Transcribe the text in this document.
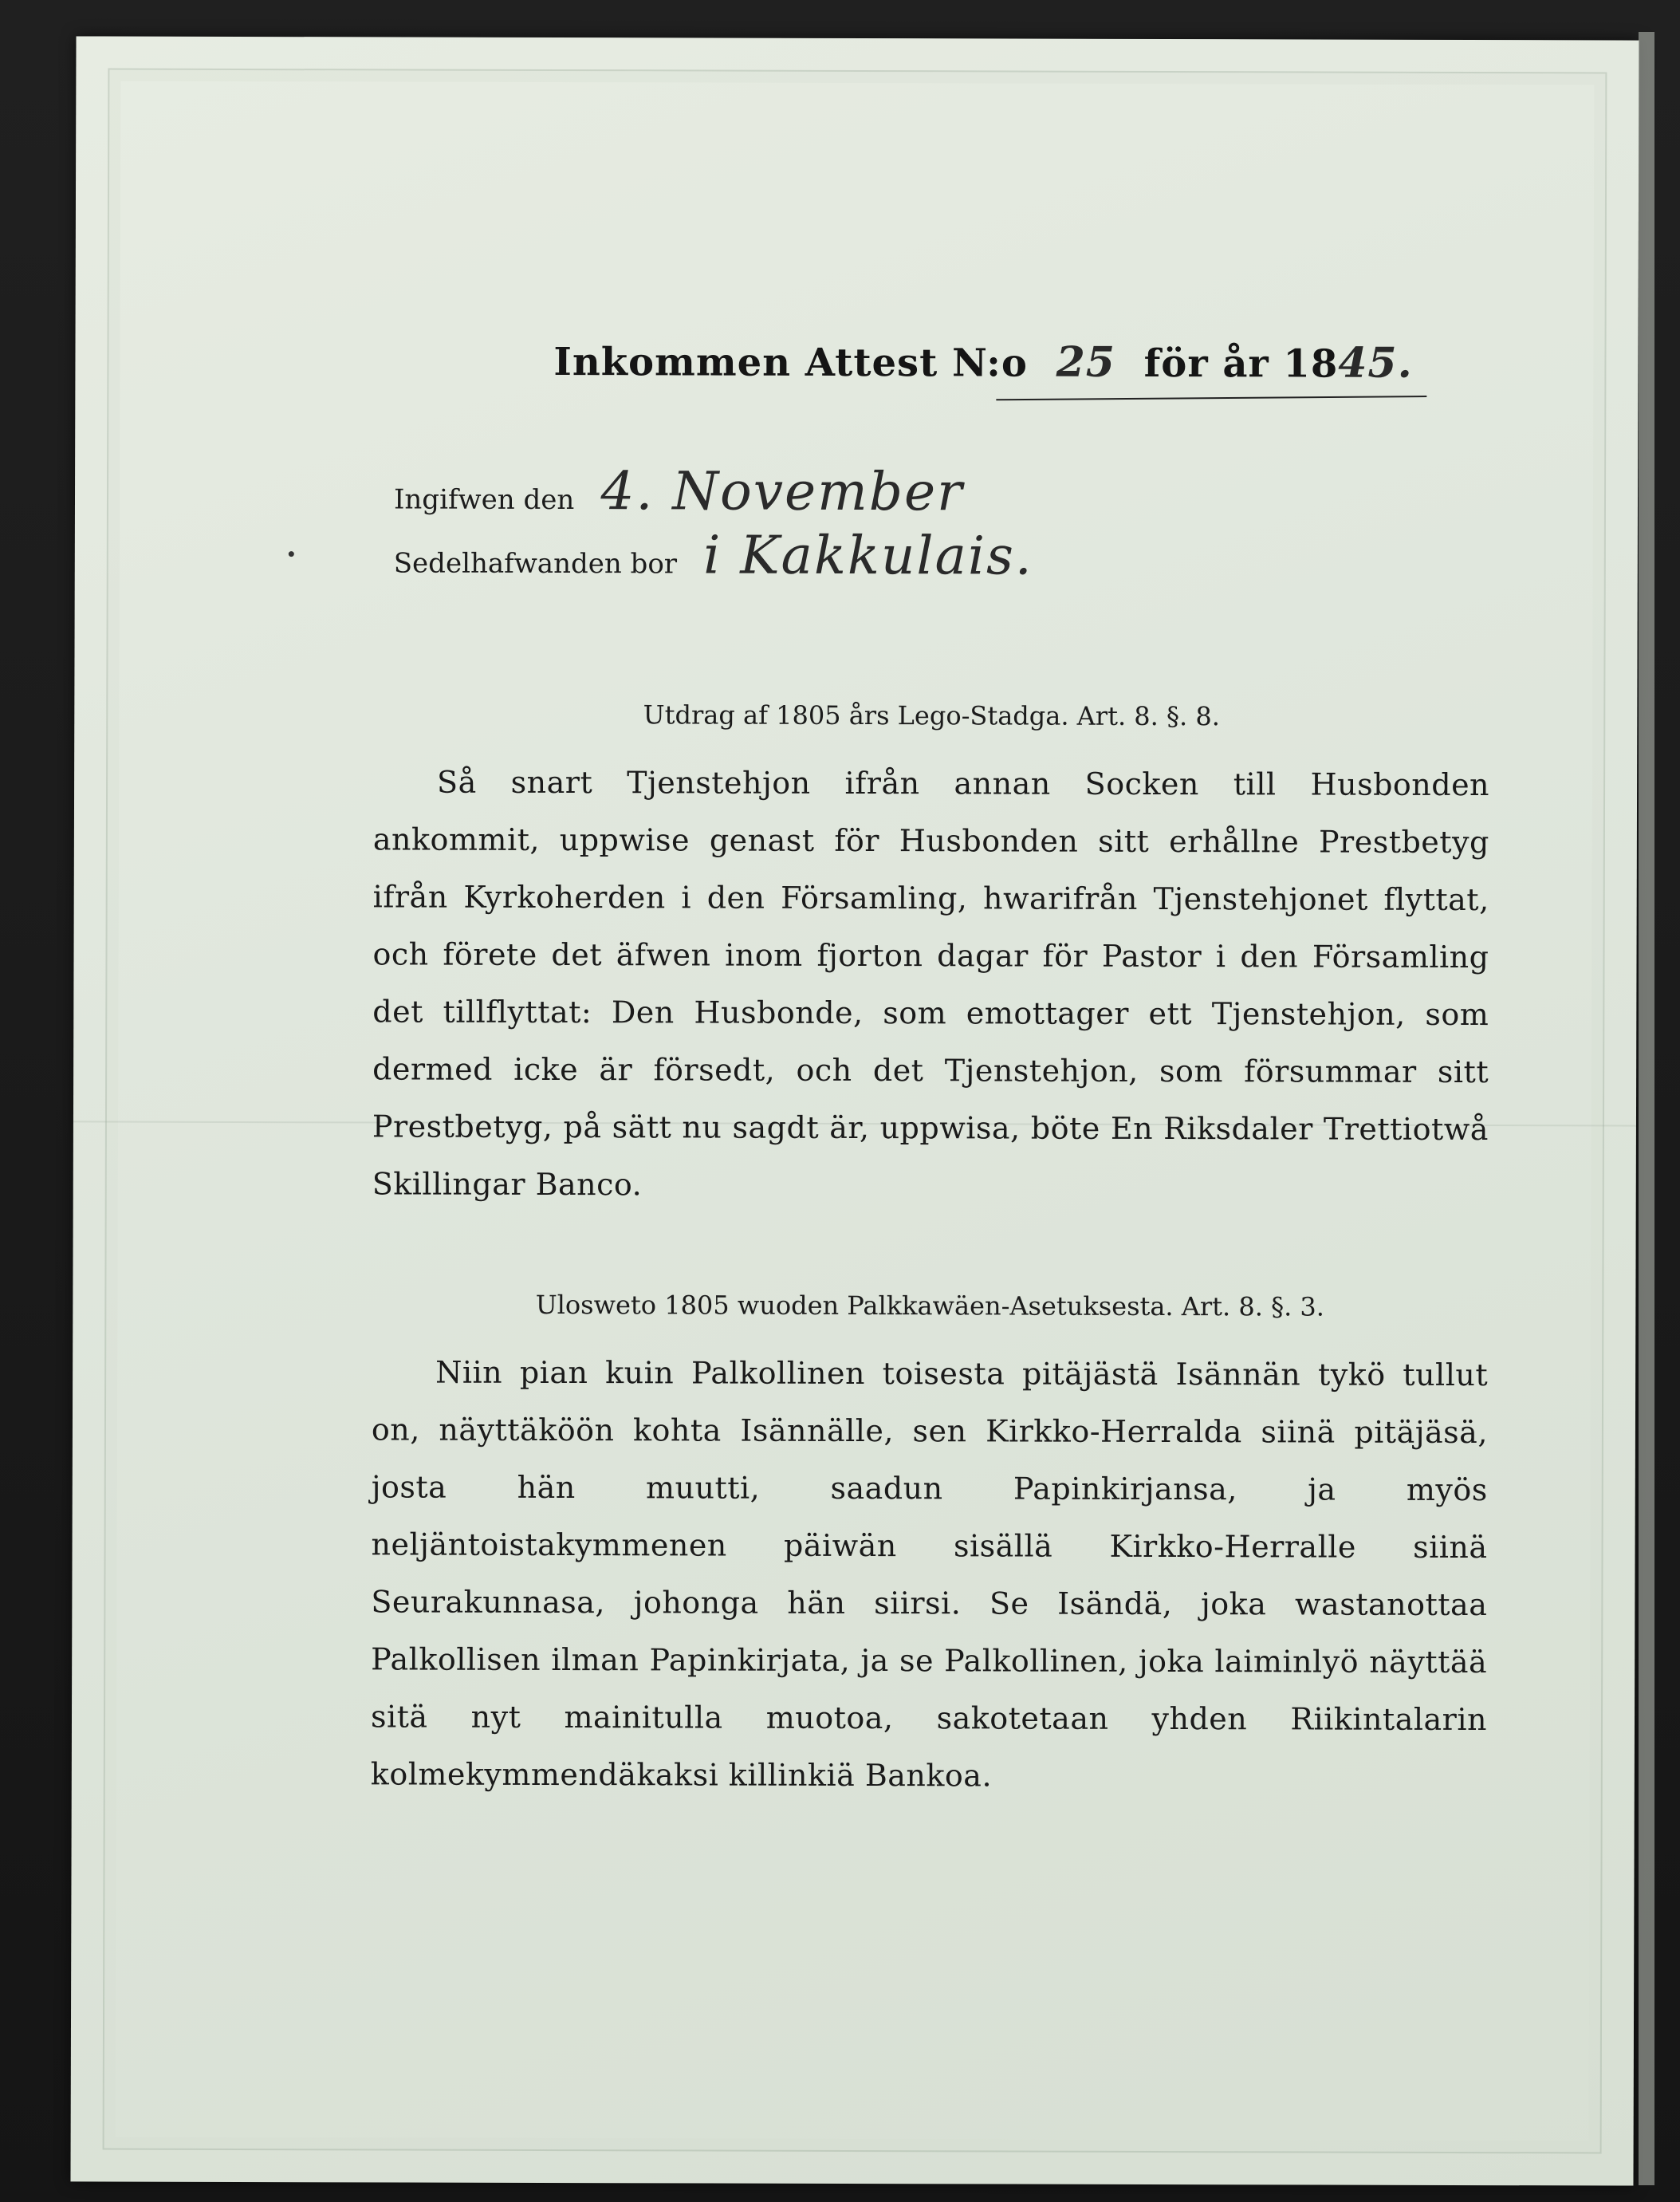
Inkommen Attest N:o 25 för år 1845.
Ingifwen den 4. November
Sedelhafwanden bor i Kakkulais.

Utdrag af 1805 års Lego-Stadga. Art. 8. §. 8.

Så snart Tjenstehjon ifrån annan Socken till Husbonden ankommit, uppwise genast för Husbonden sitt erhållne Prestbetyg ifrån Kyrkoherden i den Församling, hwarifrån Tjenstehjonet flyttat, och förete det äfwen inom fjorton dagar för Pastor i den Församling det tillflyttat: Den Husbonde, som emottager ett Tjenstehjon, som dermed icke är försedt, och det Tjenstehjon, som försummar sitt Prestbetyg, på sätt nu sagdt är, uppwisa, böte En Riksdaler Trettiotwå Skillingar Banco.

Ulosweto 1805 wuoden Palkkawäen-Asetuksesta. Art. 8. §. 3.

Niin pian kuin Palkollinen toisesta pitäjästä Isännän tykö tullut on, näyttäköön kohta Isännälle, sen Kirkko-Herralda siinä pitäjäsä, josta hän muutti, saadun Papinkirjansa, ja myös neljäntoistakymmenen päiwän sisällä Kirkko-Herralle siinä Seurakunnasa, johonga hän siirsi. Se Isändä, joka wastanottaa Palkollisen ilman Papinkirjata, ja se Palkollinen, joka laiminlyö näyttää sitä nyt mainitulla muotoa, sakotetaan yhden Riikintalarin kolmekymmendäkaksi killinkiä Bankoa.
